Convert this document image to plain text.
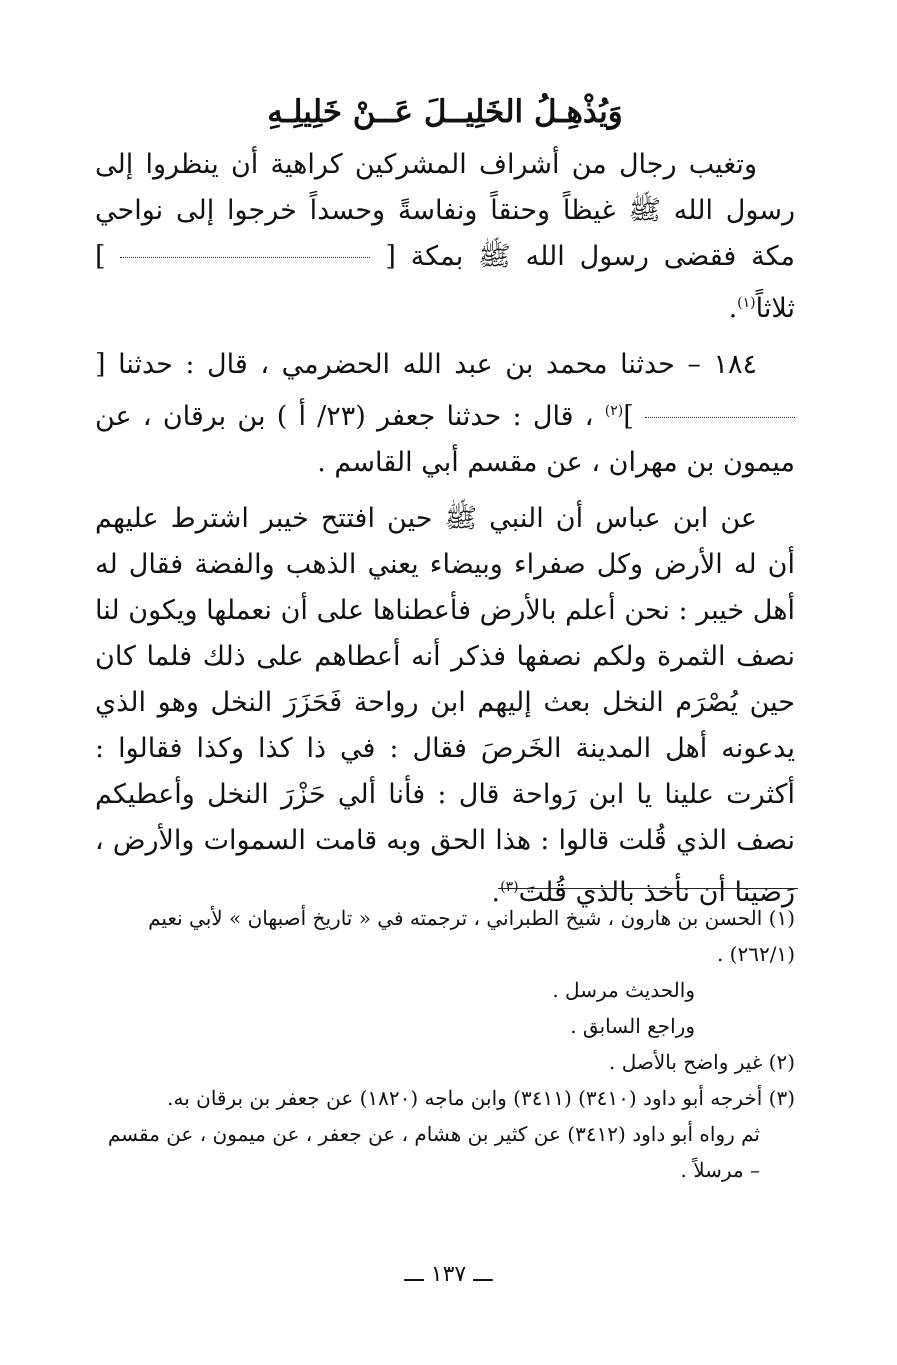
وَيُذْهِـلُ الخَلِيــلَ عَــنْ خَلِيلِـهِ

وتغيب رجال من أشراف المشركين كراهية أن ينظروا إلى رسول الله ﷺ غيظاً وحنقاً ونفاسةً وحسداً خرجوا إلى نواحي مكة فقضى رسول الله ﷺ بمكة [  ] ثلاثاً$^{(١)}$.

١٨٤ – حدثنا محمد بن عبد الله الحضرمي ، قال : حدثنا [  ]$^{(٢)}$ ، قال : حدثنا جعفر (٢٣/ أ ) بن برقان ، عن ميمون بن مهران ، عن مقسم أبي القاسم .

عن ابن عباس أن النبي ﷺ حين افتتح خيبر اشترط عليهم أن له الأرض وكل صفراء وبيضاء يعني الذهب والفضة فقال له أهل خيبر : نحن أعلم بالأرض فأعطناها على أن نعملها ويكون لنا نصف الثمرة ولكم نصفها فذكر أنه أعطاهم على ذلك فلما كان حين يُصْرَم النخل بعث إليهم ابن رواحة فَحَزَرَ النخل وهو الذي يدعونه أهل المدينة الخَرصَ فقال : في ذا كذا وكذا فقالوا : أكثرت علينا يا ابن رَواحة قال : فأنا ألي حَزْرَ النخل وأعطيكم نصف الذي قُلت قالوا : هذا الحق وبه قامت السموات والأرض ، رَضينا أن نأخذ بالذي قُلتَ$^{(٣)}$.

(١) الحسن بن هارون ، شيخ الطبراني ، ترجمته في « تاريخ أصبهان » لأبي نعيم (٢٦٢/١) .

والحديث مرسل .

وراجع السابق .

(٢) غير واضح بالأصل .

(٣) أخرجه أبو داود (٣٤١٠) (٣٤١١) وابن ماجه (١٨٢٠) عن جعفر بن برقان به.

ثم رواه أبو داود (٣٤١٢) عن كثير بن هشام ، عن جعفر ، عن ميمون ، عن مقسم – مرسلاً .

ـــ ١٣٧ ـــ
